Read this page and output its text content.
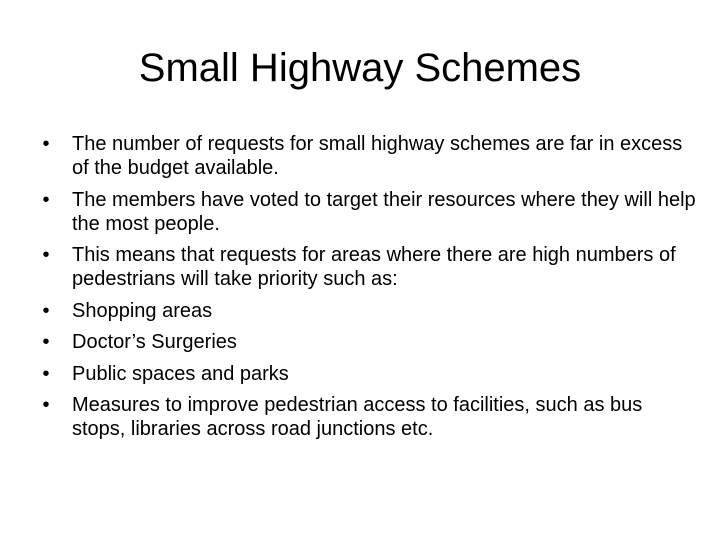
Small Highway Schemes
•	The number of requests for small highway schemes are far in excess of the budget available.
•	The members have voted to target their resources where they will help the most people.
•	This means that requests for areas where there are high numbers of pedestrians will take priority such as:
•	Shopping areas
•	Doctor’s Surgeries
•	Public spaces and parks
•	Measures to improve pedestrian access to facilities, such as bus stops, libraries across road junctions etc.
